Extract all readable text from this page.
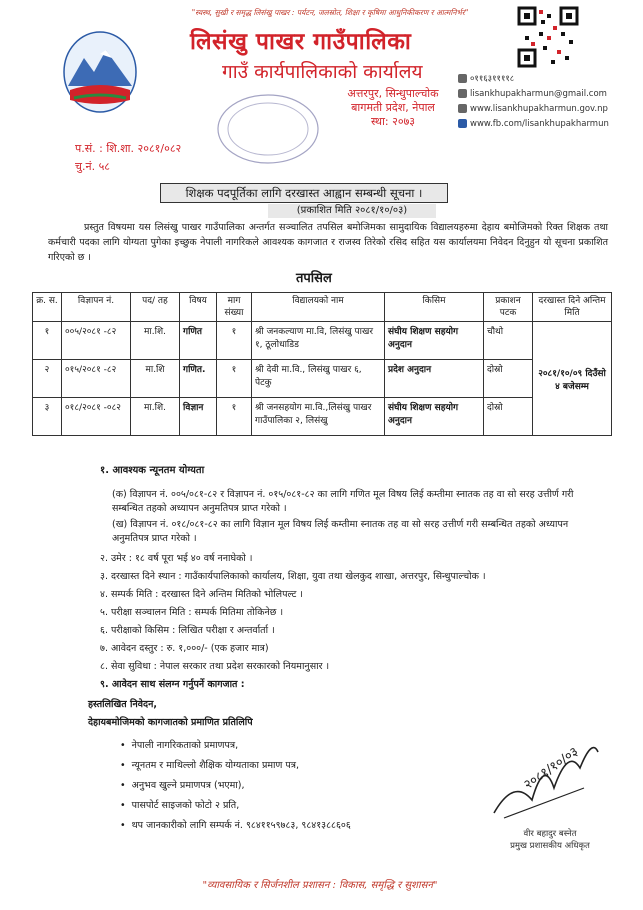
"स्वस्थ, सुखी र समृद्ध लिसंखु पाखर : पर्यटन, जलस्रोत, शिक्षा र कृषिमा आधुनिकीकरण र आत्मनिर्भर"
लिसंखु पाखर गाउँपालिका
गाउँ कार्यपालिकाको कार्यालय
अत्तरपुर, सिन्धुपाल्चोक
बागमती प्रदेश, नेपाल
स्था: २०७३
०११६३११११८
lisankhupakharmun@gmail.com
www.lisankhupakharmun.gov.np
www.fb.com/lisankhupakharmun
प.सं. : शि.शा. २०८१/०८२
चु.नं. ५८
शिक्षक पदपूर्तिका लागि दरखास्त आह्वान सम्बन्धी सूचना ।
(प्रकाशित मिति २०८१/१०/०३)
प्रस्तुत विषयमा यस लिसंखु पाखर गाउँपालिका अन्तर्गत सञ्चालित तपसिल बमोजिमका सामुदायिक विद्यालयहरुमा देहाय बमोजिमको रिक्त शिक्षक तथा कर्मचारी पदका लागि योग्यता पुगेका इच्छुक नेपाली नागरिकले आवश्यक कागजात र राजस्व तिरेको रसिद सहित यस कार्यालयमा निवेदन दिनुहुन यो सूचना प्रकाशित गरिएको छ ।
तपसिल
क्र. स.	विज्ञापन नं.	पद/ तह	विषय	माग संख्या	विद्यालयको नाम	किसिम	प्रकाशन पटक	दरखास्त दिने अन्तिम मिति
१	००५/२०८१ -८२	मा.शि.	गणित	१	श्री जनकल्याण मा.वि, लिसंखु पाखर १, ठूलोधाडिड	संघीय शिक्षण सहयोग अनुदान	चौथो	२०८१/१०/०९ दिउँसो ४ बजेसम्म
२	०१५/२०८१ -८२	मा.शि	गणित.	१	श्री देवी मा.वि., लिसंखु पाखर ६, पेटकु	प्रदेश अनुदान	दोस्रो	
३	०१८/२०८१ -०८२	मा.शि.	विज्ञान	१	श्री जनसहयोग मा.वि.,लिसंखु पाखर गाउँपालिका २, लिसंखु	संघीय शिक्षण सहयोग अनुदान	दोस्रो	
१. आवश्यक न्यूनतम योग्यता
(क) विज्ञापन नं. ००५/०८१-८२ र विज्ञापन नं. ०१५/०८१-८२ का लागि गणित मूल विषय लिई कम्तीमा स्नातक तह वा सो सरह उत्तीर्ण गरी सम्बन्धित तहको अध्यापन अनुमतिपत्र प्राप्त गरेको ।
(ख) विज्ञापन नं. ०१८/०८१-८२ का लागि विज्ञान मूल विषय लिई कम्तीमा स्नातक तह वा सो सरह उत्तीर्ण गरी सम्बन्धित तहको अध्यापन अनुमतिपत्र प्राप्त गरेको ।
२. उमेर : १८ वर्ष पूरा भई ४० वर्ष ननाघेको ।
३. दरखास्त दिने स्थान : गाउँकार्यपालिकाको कार्यालय, शिक्षा, युवा तथा खेलकुद शाखा, अत्तरपुर, सिन्धुपाल्चोक ।
४. सम्पर्क मिति : दरखास्त दिने अन्तिम मितिको भोलिपल्ट ।
५. परीक्षा सञ्चालन मिति : सम्पर्क मितिमा तोकिनेछ ।
६. परीक्षाको किसिम : लिखित परीक्षा र अन्तर्वार्ता ।
७. आवेदन दस्तुर : रु. १,०००/- (एक हजार मात्र)
८. सेवा सुविधा : नेपाल सरकार तथा प्रदेश सरकारको नियमानुसार ।
९. आवेदन साथ संलग्न गर्नुपर्ने कागजात :
हस्तलिखित निवेदन,
देहायबमोजिमको कागजातको प्रमाणित प्रतिलिपि
• नेपाली नागरिकताको प्रमाणपत्र,
• न्यूनतम र माथिल्लो शैक्षिक योग्यताका प्रमाण पत्र,
• अनुभव खुल्ने प्रमाणपत्र (भएमा),
• पासपोर्ट साइजको फोटो २ प्रति,
• थप जानकारीको लागि सम्पर्क नं. ९८४११५९७८३, ९८४१३८८६०६
२०८१/१०/०३
वीर बहादुर बस्नेत
प्रमुख प्रशासकीय अधिकृत
"व्यावसायिक र सिर्जनशील प्रशासन : विकास, समृद्धि र सुशासन"
